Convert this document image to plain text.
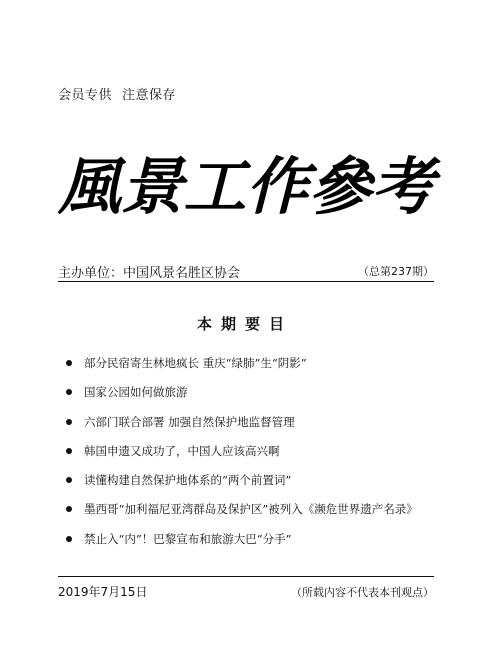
会员专供 注意保存
風景工作參考
主办单位：中国风景名胜区协会	（总第237期）
本期要目
部分民宿寄生林地疯长 重庆“绿肺”生“阴影”
国家公园如何做旅游
六部门联合部署 加强自然保护地监督管理
韩国申遗又成功了，中国人应该高兴啊
读懂构建自然保护地体系的“两个前置词”
墨西哥“加利福尼亚湾群岛及保护区”被列入《濒危世界遗产名录》
禁止入“内”！巴黎宣布和旅游大巴“分手”
2019年7月15日	（所载内容不代表本刊观点）
